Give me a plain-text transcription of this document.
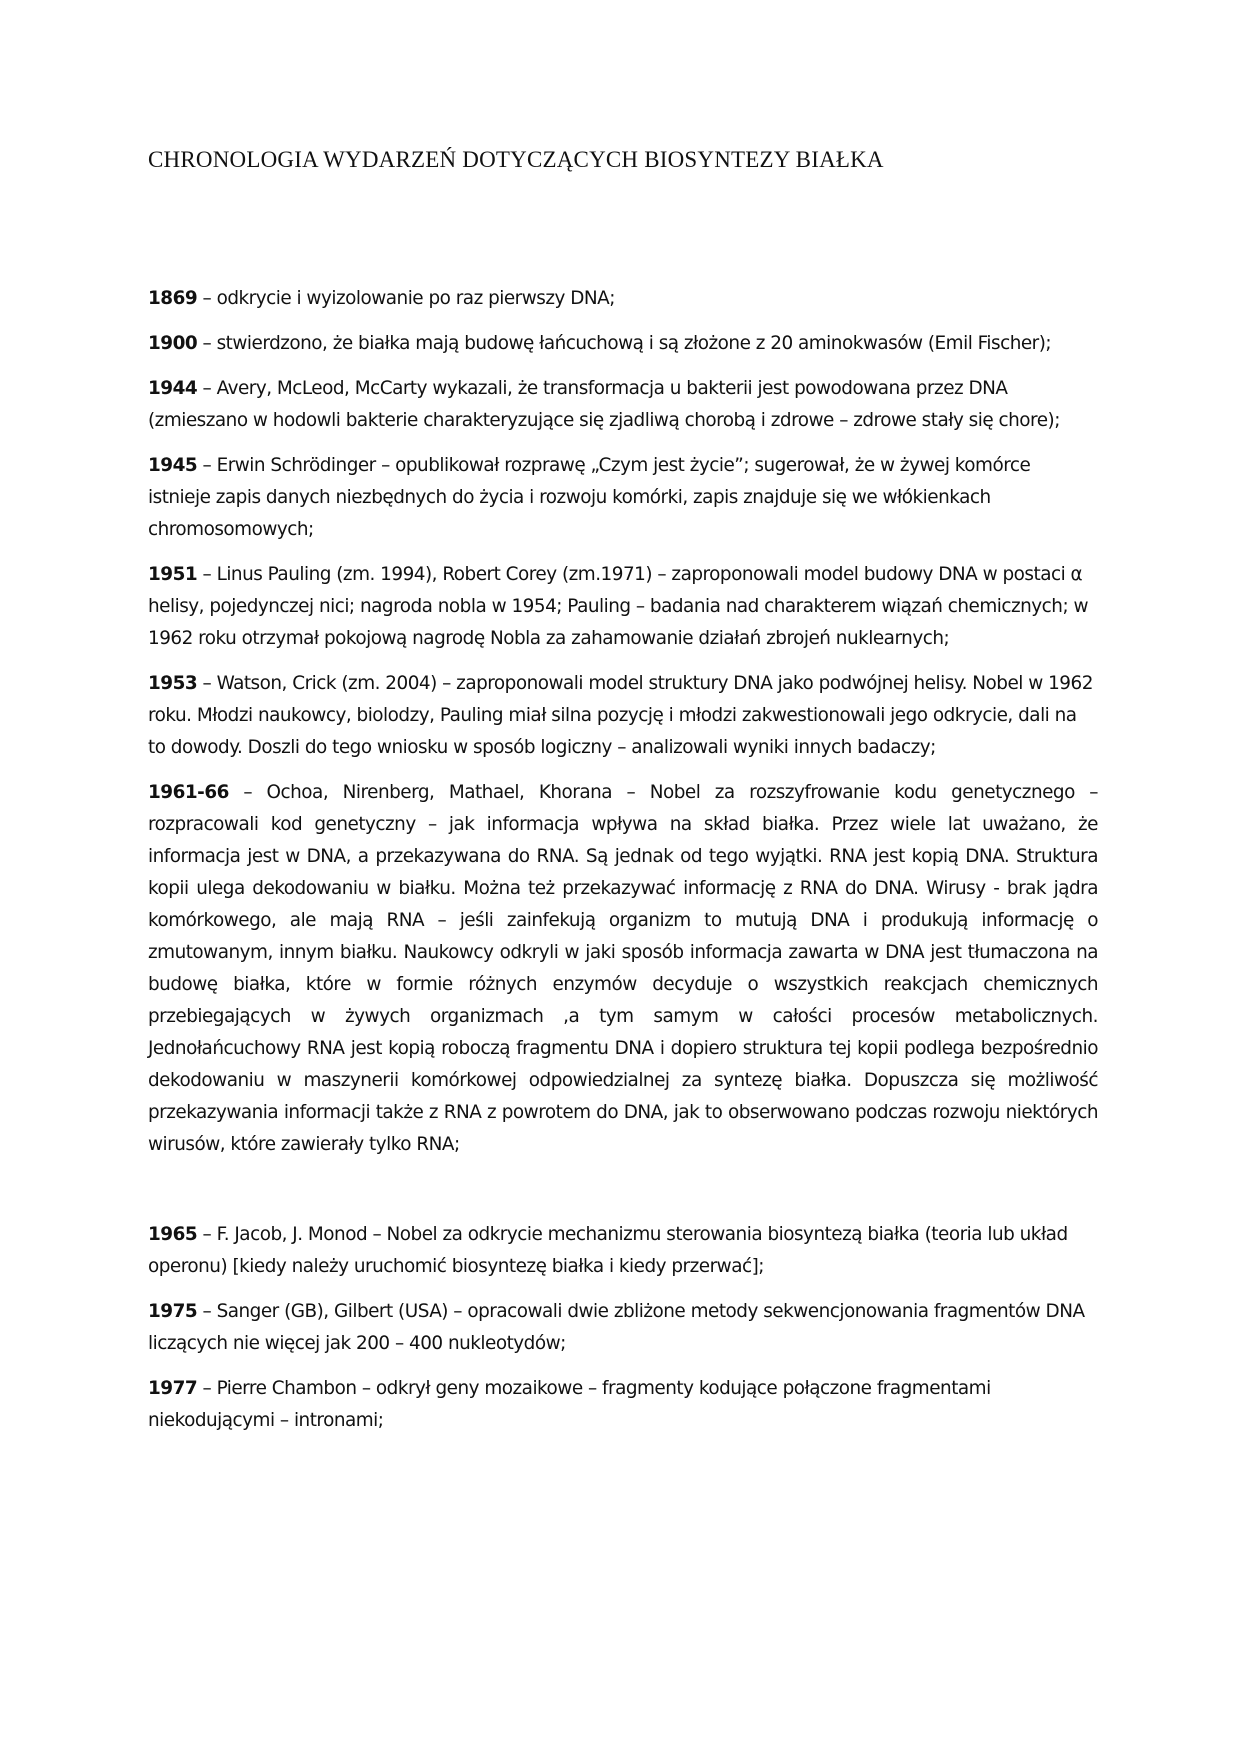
CHRONOLOGIA WYDARZEŃ DOTYCZĄCYCH BIOSYNTEZY BIAŁKA

1869 – odkrycie i wyizolowanie po raz pierwszy DNA;

1900 – stwierdzono, że białka mają budowę łańcuchową i są złożone z 20 aminokwasów (Emil Fischer);

1944 – Avery, McLeod, McCarty wykazali, że transformacja u bakterii jest powodowana przez DNA (zmieszano w hodowli bakterie charakteryzujące się zjadliwą chorobą i zdrowe – zdrowe stały się chore);

1945 – Erwin Schrödinger – opublikował rozprawę „Czym jest życie”; sugerował, że w żywej komórce istnieje zapis danych niezbędnych do życia i rozwoju komórki, zapis znajduje się we włókienkach chromosomowych;

1951 – Linus Pauling (zm. 1994), Robert Corey (zm.1971) – zaproponowali model budowy DNA w postaci α helisy, pojedynczej nici; nagroda nobla w 1954; Pauling – badania nad charakterem wiązań chemicznych; w 1962 roku otrzymał pokojową nagrodę Nobla za zahamowanie działań zbrojeń nuklearnych;

1953 – Watson, Crick (zm. 2004) – zaproponowali model struktury DNA jako podwójnej helisy. Nobel w 1962 roku. Młodzi naukowcy, biolodzy, Pauling miał silna pozycję i młodzi zakwestionowali jego odkrycie, dali na to dowody. Doszli do tego wniosku w sposób logiczny – analizowali wyniki innych badaczy;

1961-66 – Ochoa, Nirenberg, Mathael, Khorana – Nobel za rozszyfrowanie kodu genetycznego – rozpracowali kod genetyczny – jak informacja wpływa na skład białka. Przez wiele lat uważano, że informacja jest w DNA, a przekazywana do RNA. Są jednak od tego wyjątki. RNA jest kopią DNA. Struktura kopii ulega dekodowaniu w białku. Można też przekazywać informację z RNA do DNA. Wirusy - brak jądra komórkowego, ale mają RNA – jeśli zainfekują organizm to mutują DNA i produkują informację o zmutowanym, innym białku. Naukowcy odkryli w jaki sposób informacja zawarta w DNA jest tłumaczona na budowę białka, które w formie różnych enzymów decyduje o wszystkich reakcjach chemicznych przebiegających w żywych organizmach ,a tym samym w całości procesów metabolicznych. Jednołańcuchowy RNA jest kopią roboczą fragmentu DNA i dopiero struktura tej kopii podlega bezpośrednio dekodowaniu w maszynerii komórkowej odpowiedzialnej za syntezę białka. Dopuszcza się możliwość przekazywania informacji także z RNA z powrotem do DNA, jak to obserwowano podczas rozwoju niektórych wirusów, które zawierały tylko RNA;

1965 – F. Jacob, J. Monod – Nobel za odkrycie mechanizmu sterowania biosyntezą białka (teoria lub układ operonu) [kiedy należy uruchomić biosyntezę białka i kiedy przerwać];

1975 – Sanger (GB), Gilbert (USA) – opracowali dwie zbliżone metody sekwencjonowania fragmentów DNA liczących nie więcej jak 200 – 400 nukleotydów;

1977 – Pierre Chambon – odkrył geny mozaikowe – fragmenty kodujące połączone fragmentami niekodującymi – intronami;
